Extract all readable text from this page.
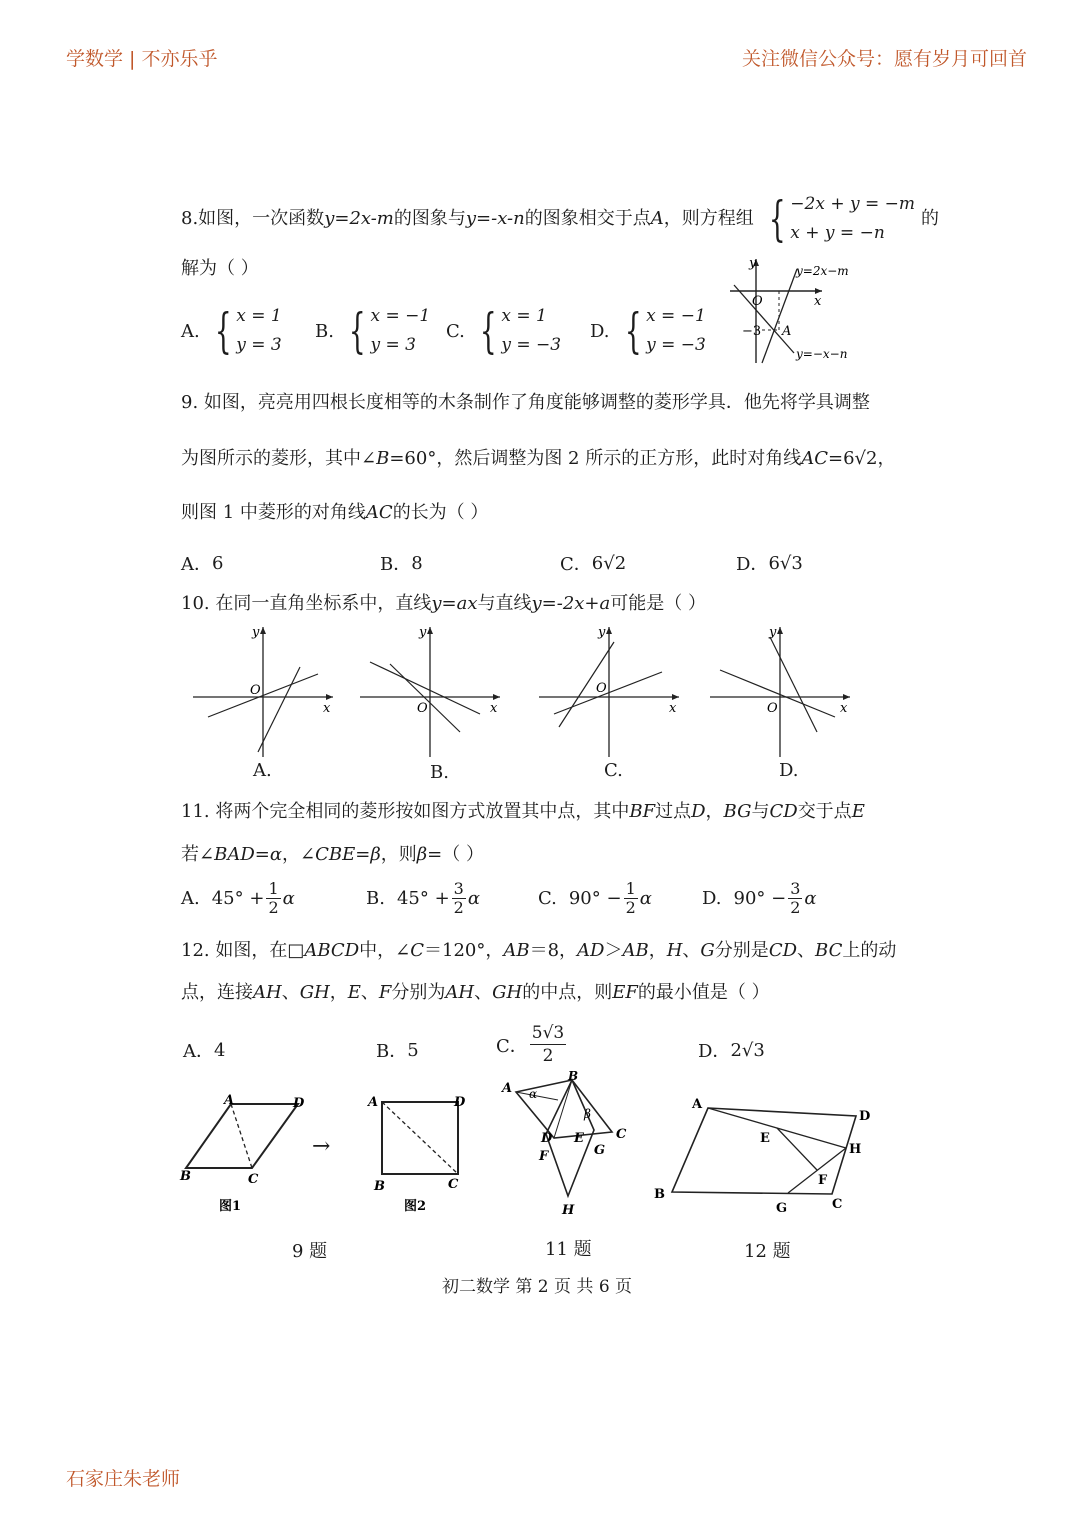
学数学 | 不亦乐乎	关注微信公众号：愿有岁月可回首
石家庄朱老师
8.如图，一次函数 y=2x-m 的图象与 y=-x-n 的图象相交于点 A ，则方程组 { −2x + y = −m
x + y = −n
的
解为（ ）
A. { x = 1
y = 3
B. { x = −1
y = 3
C. { x = 1
y = −3
D. { x = −1
y = −3
y
x
O
y=2x−m
y=−x−n
−3 A
9. 如图，亮亮用四根长度相等的木条制作了角度能够调整的菱形学具．他先将学具调整
为图所示的菱形，其中∠B=60°，然后调整为图 2 所示的正方形，此时对角线AC=6√2，
则图 1 中菱形的对角线AC的长为（ ）
A． 6	B． 8	C． 6√2	D． 6√3
10. 在同一直角坐标系中，直线y=ax与直线y=-2x+a可能是（ ）
y
x
O
A.
y
x
O
B.
y
x
O
C.
y
x
O
D.
11. 将两个完全相同的菱形按如图方式放置其中点，其中BF过点D，BG与CD交于点E
若∠BAD=α，∠CBE=β，则β=（ ）
A. $45^\circ + \frac{1}{2}$ α	B. $45^\circ + \frac{3}{2}$ α	C. $90^\circ - \frac{1}{2}$ α	D. $90^\circ - \frac{3}{2}$ α
12. 如图，在□ABCD中，∠C＝120°，AB＝8，AD＞AB，H、G分别是CD、BC上的动
点，连接AH、GH，E、F分别为AH、GH的中点，则EF的最小值是（ ）
A． 4	B． 5	C． $\frac{5√3}{2}$	D． 2√3
A	D
B	C
图1
→
A	D
B	C
图2
A
B
C
D E
F	G
H
α
β
A
D
B
C
E
F
G
H
9 题	11 题	12 题
初二数学 第 2 页 共 6 页
